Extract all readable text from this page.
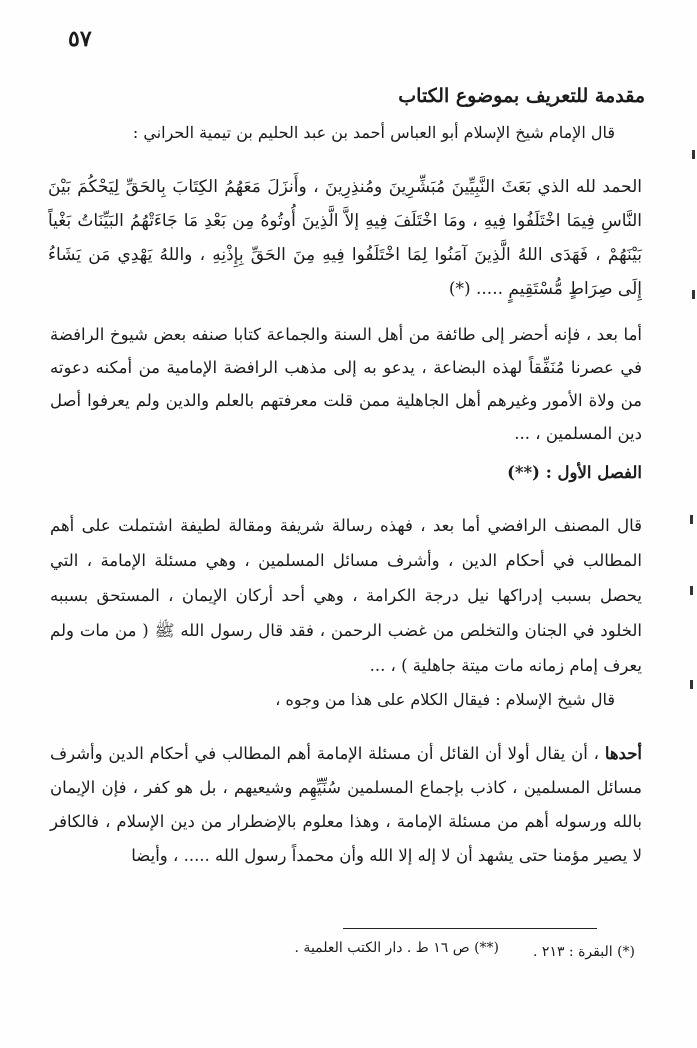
٥٧
مقدمة للتعريف بموضوع الكتاب
قال الإمام شيخ الإسلام أبو العباس أحمد بن عبد الحليم بن تيمية الحراني :
الحمد لله الذي بَعَثَ النَّبِيِّينَ مُبَشِّرِينَ ومُنذِرِينَ ، وأَنزَلَ مَعَهُمُ الكِتَابَ بِالحَقِّ لِيَحْكُمَ بَيْنَ النَّاسِ فِيمَا اخْتَلَفُوا فِيهِ ، ومَا اخْتَلَفَ فِيهِ إلاَّ الَّذِينَ أُوتُوهُ مِن بَعْدِ مَا جَاءَتْهُمُ البَيِّنَاتُ بَغْياً بَيْنَهُمْ ، فَهَدَى اللهُ الَّذِينَ آمَنُوا لِمَا اخْتَلَفُوا فِيهِ مِنَ الحَقِّ بِإِذْنِهِ ، واللهُ يَهْدِي مَن يَشَاءُ إِلَى صِرَاطٍ مُّسْتَقِيمٍ ..... (*)
أما بعد ، فإنه أحضر إلى طائفة من أهل السنة والجماعة كتابا صنفه بعض شيوخ الرافضة في عصرنا مُنَفِّقاً لهذه البضاعة ، يدعو به إلى مذهب الرافضة الإمامية من أمكنه دعوته من ولاة الأمور وغيرهم أهل الجاهلية ممن قلت معرفتهم بالعلم والدين ولم يعرفوا أصل دين المسلمين ، ...
الفصل الأول : (**)
قال المصنف الرافضي أما بعد ، فهذه رسالة شريفة ومقالة لطيفة اشتملت على أهم المطالب في أحكام الدين ، وأشرف مسائل المسلمين ، وهي مسئلة الإمامة ، التي يحصل بسبب إدراكها نيل درجة الكرامة ، وهي أحد أركان الإيمان ، المستحق بسببه الخلود في الجنان والتخلص من غضب الرحمن ، فقد قال رسول الله ﷺ ( من مات ولم يعرف إمام زمانه مات ميتة جاهلية ) ، ...
قال شيخ الإسلام : فيقال الكلام على هذا من وجوه ،
أحدها ، أن يقال أولا أن القائل أن مسئلة الإمامة أهم المطالب في أحكام الدين وأشرف مسائل المسلمين ، كاذب بإجماع المسلمين سُنِّيِّهِم وشيعيهم ، بل هو كفر ، فإن الإيمان بالله ورسوله أهم من مسئلة الإمامة ، وهذا معلوم بالإضطرار من دين الإسلام ، فالكافر لا يصير مؤمنا حتى يشهد أن لا إله إلا الله وأن محمداً رسول الله ..... ، وأيضا
(*) البقرة : ٢١٣ .
(**) ص ١٦ ط . دار الكتب العلمية .
